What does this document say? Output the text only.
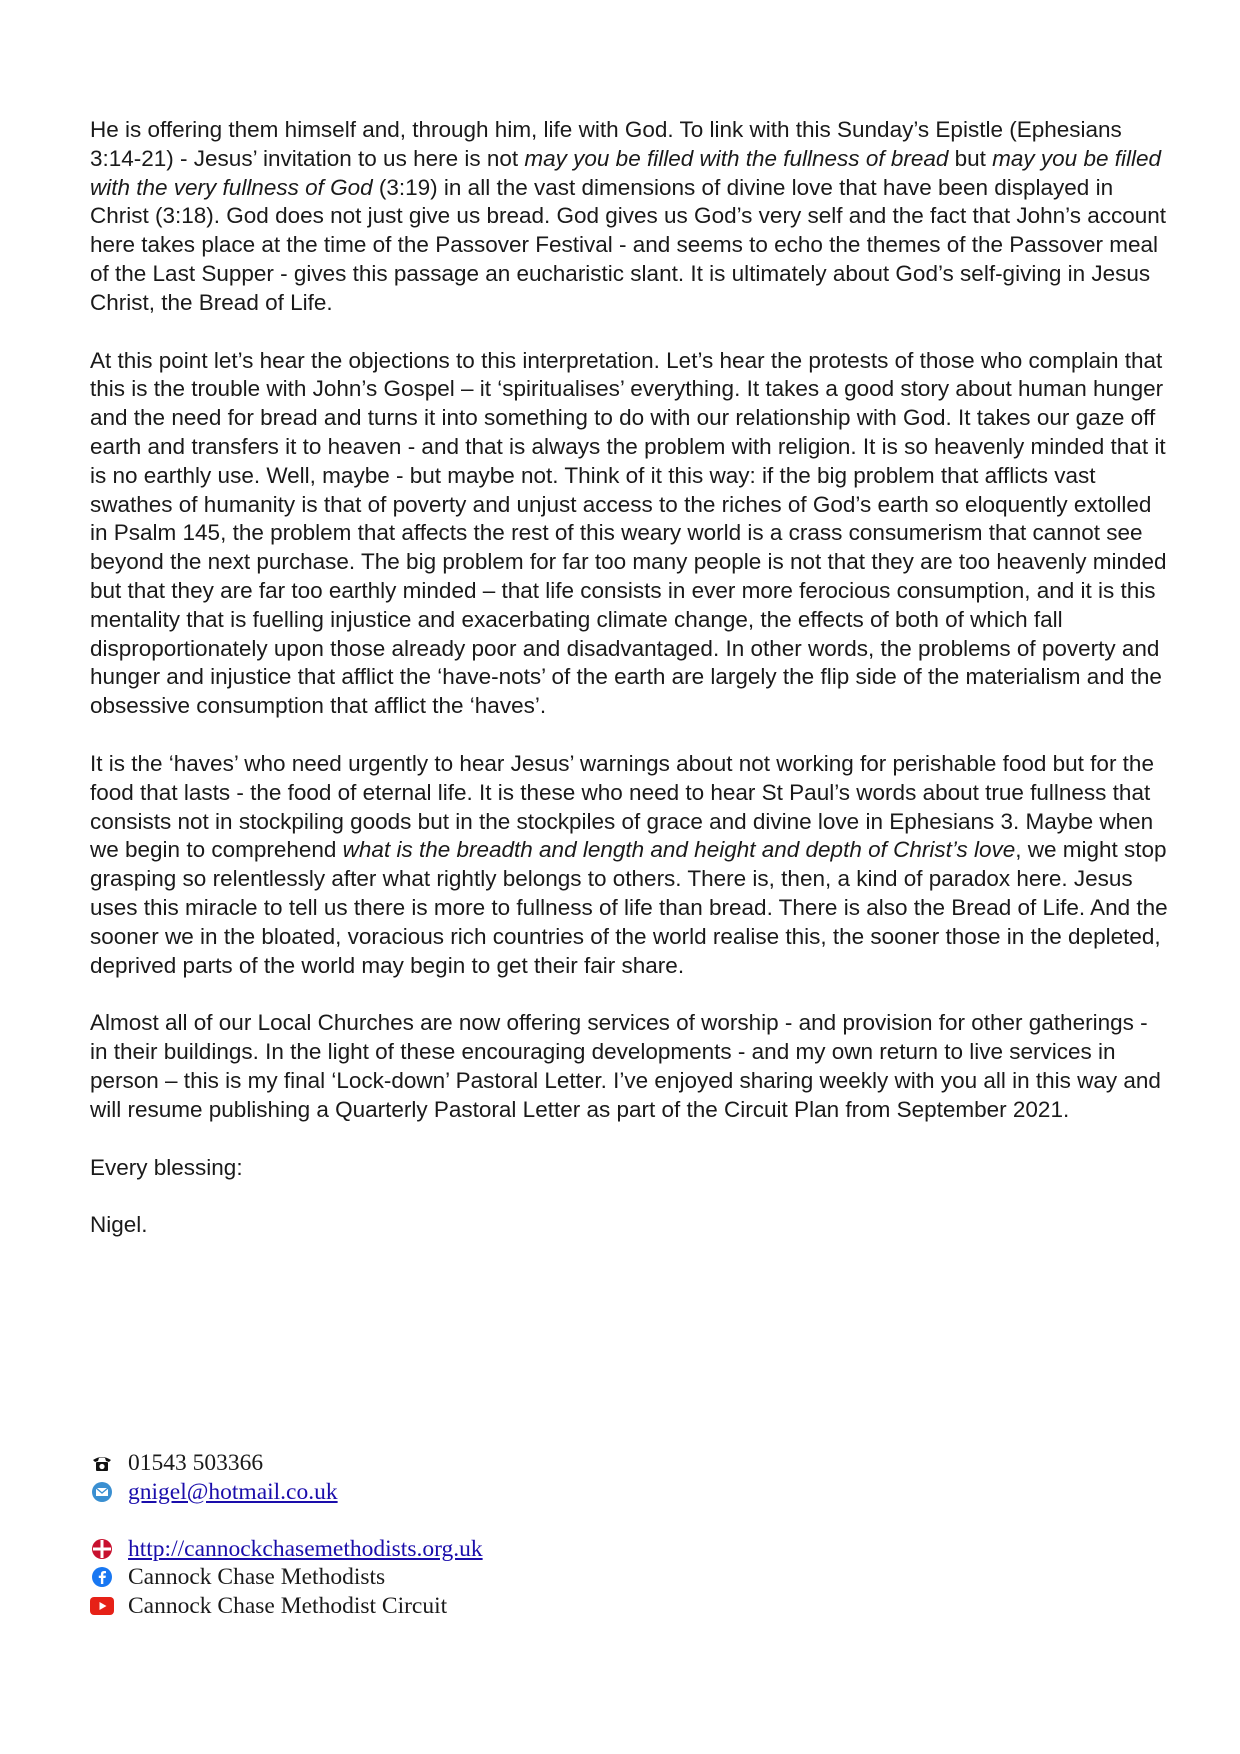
He is offering them himself and, through him, life with God. To link with this Sunday’s Epistle (Ephesians 3:14-21) - Jesus’ invitation to us here is not may you be filled with the fullness of bread but may you be filled with the very fullness of God (3:19) in all the vast dimensions of divine love that have been displayed in Christ (3:18). God does not just give us bread. God gives us God’s very self and the fact that John’s account here takes place at the time of the Passover Festival - and seems to echo the themes of the Passover meal of the Last Supper - gives this passage an eucharistic slant. It is ultimately about God’s self-giving in Jesus Christ, the Bread of Life.

At this point let’s hear the objections to this interpretation. Let’s hear the protests of those who complain that this is the trouble with John’s Gospel – it ‘spiritualises’ everything. It takes a good story about human hunger and the need for bread and turns it into something to do with our relationship with God. It takes our gaze off earth and transfers it to heaven - and that is always the problem with religion. It is so heavenly minded that it is no earthly use. Well, maybe - but maybe not. Think of it this way: if the big problem that afflicts vast swathes of humanity is that of poverty and unjust access to the riches of God’s earth so eloquently extolled in Psalm 145, the problem that affects the rest of this weary world is a crass consumerism that cannot see beyond the next purchase. The big problem for far too many people is not that they are too heavenly minded but that they are far too earthly minded – that life consists in ever more ferocious consumption, and it is this mentality that is fuelling injustice and exacerbating climate change, the effects of both of which fall disproportionately upon those already poor and disadvantaged. In other words, the problems of poverty and hunger and injustice that afflict the ‘have-nots’ of the earth are largely the flip side of the materialism and the obsessive consumption that afflict the ‘haves’.

It is the ‘haves’ who need urgently to hear Jesus’ warnings about not working for perishable food but for the food that lasts - the food of eternal life. It is these who need to hear St Paul’s words about true fullness that consists not in stockpiling goods but in the stockpiles of grace and divine love in Ephesians 3. Maybe when we begin to comprehend what is the breadth and length and height and depth of Christ’s love, we might stop grasping so relentlessly after what rightly belongs to others. There is, then, a kind of paradox here. Jesus uses this miracle to tell us there is more to fullness of life than bread. There is also the Bread of Life. And the sooner we in the bloated, voracious rich countries of the world realise this, the sooner those in the depleted, deprived parts of the world may begin to get their fair share.

Almost all of our Local Churches are now offering services of worship - and provision for other gatherings - in their buildings. In the light of these encouraging developments - and my own return to live services in person – this is my final ‘Lock-down’ Pastoral Letter. I’ve enjoyed sharing weekly with you all in this way and will resume publishing a Quarterly Pastoral Letter as part of the Circuit Plan from September 2021.

Every blessing:

Nigel.

01543 503366
gnigel@hotmail.co.uk
http://cannockchasemethodists.org.uk
Cannock Chase Methodists
Cannock Chase Methodist Circuit
